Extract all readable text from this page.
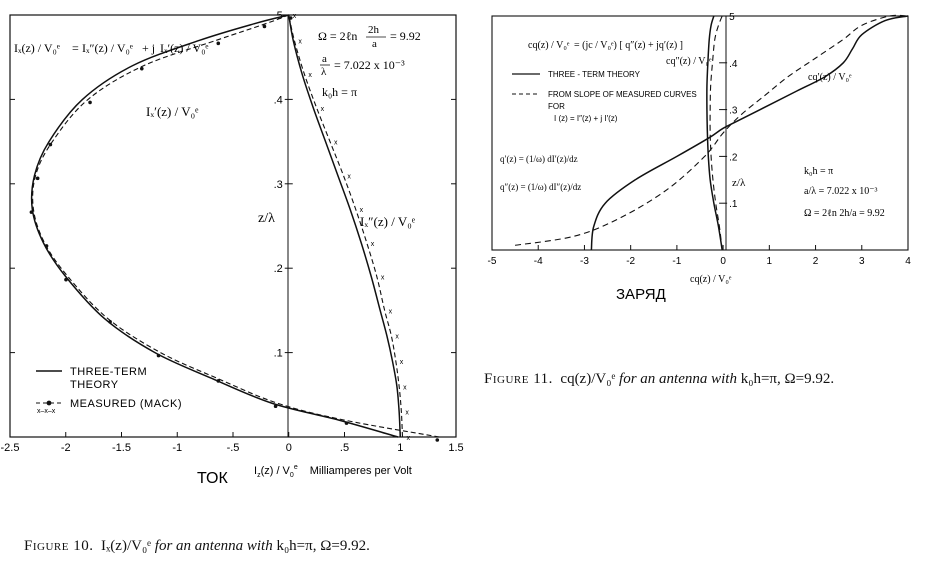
-2.5	-2	-1.5	-1	-.5	0	.5	1	1.5
.1
.2
.3
.4
.5
x
x
x
x
x
x
x
x
x
x
x
x
x
x
x
Iₓ(z) / V₀ᵉ = Iₓ″(z) / V₀ᵉ + j Iₓ′(z) / V₀ᵉ
Iₓ′(z) / V₀ᵉ
Iₓ″(z) / V₀ᵉ
Ω = 2ℓn 2h
a
= 9.92
a
λ = 7.022 x 10⁻³
k₀h = π
z/λ
THREE-TERM
THEORY
x–x–x
MEASURED (MACK)
$I_z(z) / V_0^e$ Milliamperes per Volt
ТОК
-5	-4	-3	-2	-1	0	1	2	3	4
.1
.2
.3
.4
5
cq(z) / V₀ᵉ = (jc / V₀ᵉ) [ q″(z) + jq′(z) ]
THREE - TERM THEORY
FROM SLOPE OF MEASURED CURVES
FOR
I (z) = I″(z) + j I′(z)
q′(z) = (1/ω) dI′(z)/dz
q″(z) = (1/ω) dI″(z)/dz
cq″(z) / V₀ᵉ
cq′(z) / V₀ᵉ
k₀h = π
a/λ = 7.022 x 10⁻³
Ω = 2ℓn 2h/a = 9.92
z/λ
cq(z) / V₀ᵉ
ЗАРЯД
Figure 10. Iₓ(z)/V₀ᵉ for an antenna with k₀h=π, Ω=9.92.
Figure 11. cq(z)/V₀ᵉ for an antenna with k₀h=π, Ω=9.92.
